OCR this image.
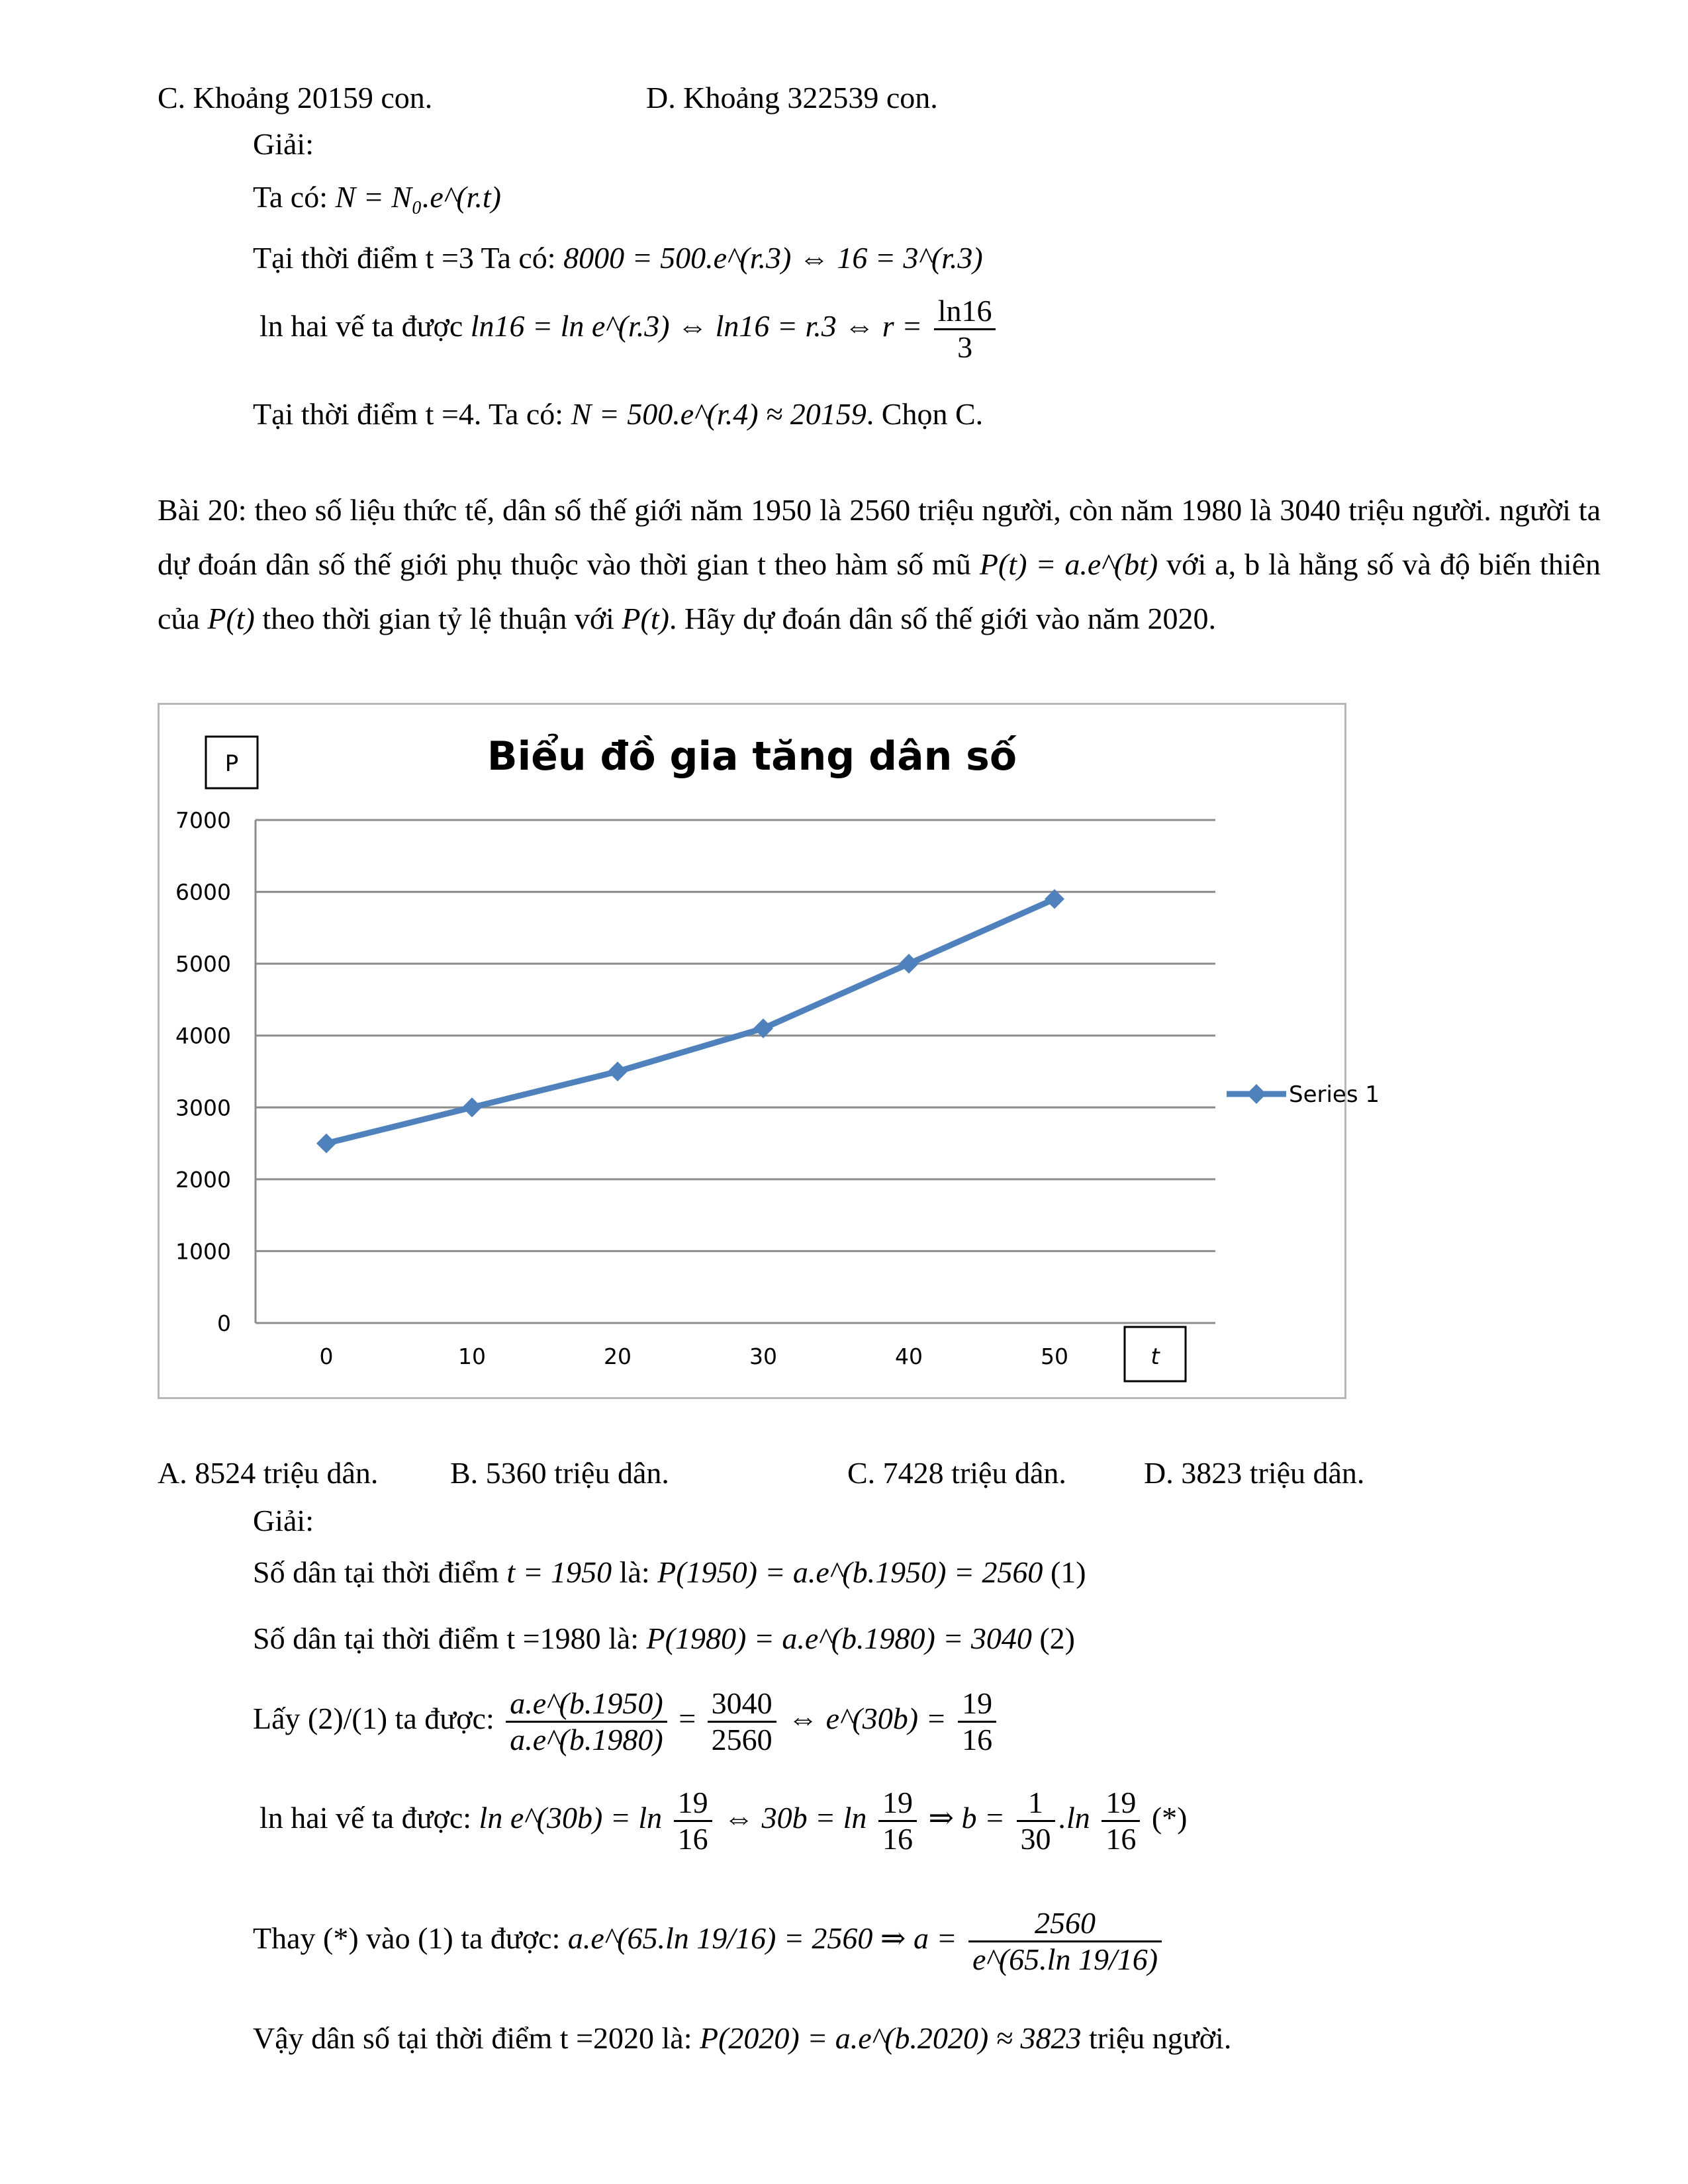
C. Khoảng 20159 con.	D. Khoảng 322539 con.
Giải:
Ta có: N = N₀.e^(r.t)
Tại thời điểm t =3 Ta có: 8000 = 500.e^(r.3) ⇔ 16 = 3^(r.3)
ln hai vế ta được ln16 = ln e^(r.3) ⇔ ln16 = r.3 ⇔ $r = \frac{\ln 16}{3}$
Tại thời điểm t =4. Ta có: N = 500.e^(r.4) ≈ 20159. Chọn C.
Bài 20: theo số liệu thức tế, dân số thế giới năm 1950 là 2560 triệu người, còn năm 1980 là 3040 triệu người. người ta dự đoán dân số thế giới phụ thuộc vào thời gian t theo hàm số mũ P(t) = a.e^(bt) với a, b là hằng số và độ biến thiên của P(t) theo thời gian tỷ lệ thuận với P(t). Hãy dự đoán dân số thế giới vào năm 2020.
Biểu đồ gia tăng dân số
P
0
1000
2000
3000
4000
5000
6000
7000
0	10	20	30	40	50	t
Series 1
A. 8524 triệu dân. B. 5360 triệu dân.	C. 7428 triệu dân.	D. 3823 triệu dân.
Giải:
Số dân tại thời điểm t = 1950 là: P(1950) = a.e^(b.1950) = 2560 (1)
Số dân tại thời điểm t =1980 là: P(1980) = a.e^(b.1980) = 3040 (2)
Lấy (2)/(1) ta được: $\frac{a.e\^{}(b.1950)}{a.e\^{}(b.1980)} = \frac{3040}{2560}$ ⇔ e^(30b) = $\frac{19}{16}$
ln hai vế ta được: ln e^(30b) = $\ln \frac{19}{16}$ ⇔ $30b = \ln \frac{19}{16}$ ⇒ $b = \frac{1}{30} .\ln \frac{19}{16}$ (*)
Thay (*) vào (1) ta được: a.e^(65.ln 19/16) = 2560 ⇒ $a = \frac{2560}{e\^{}(65.\ln 19/16)}$
Vậy dân số tại thời điểm t =2020 là: P(2020) = a.e^(b.2020) ≈ 3823 triệu người.
